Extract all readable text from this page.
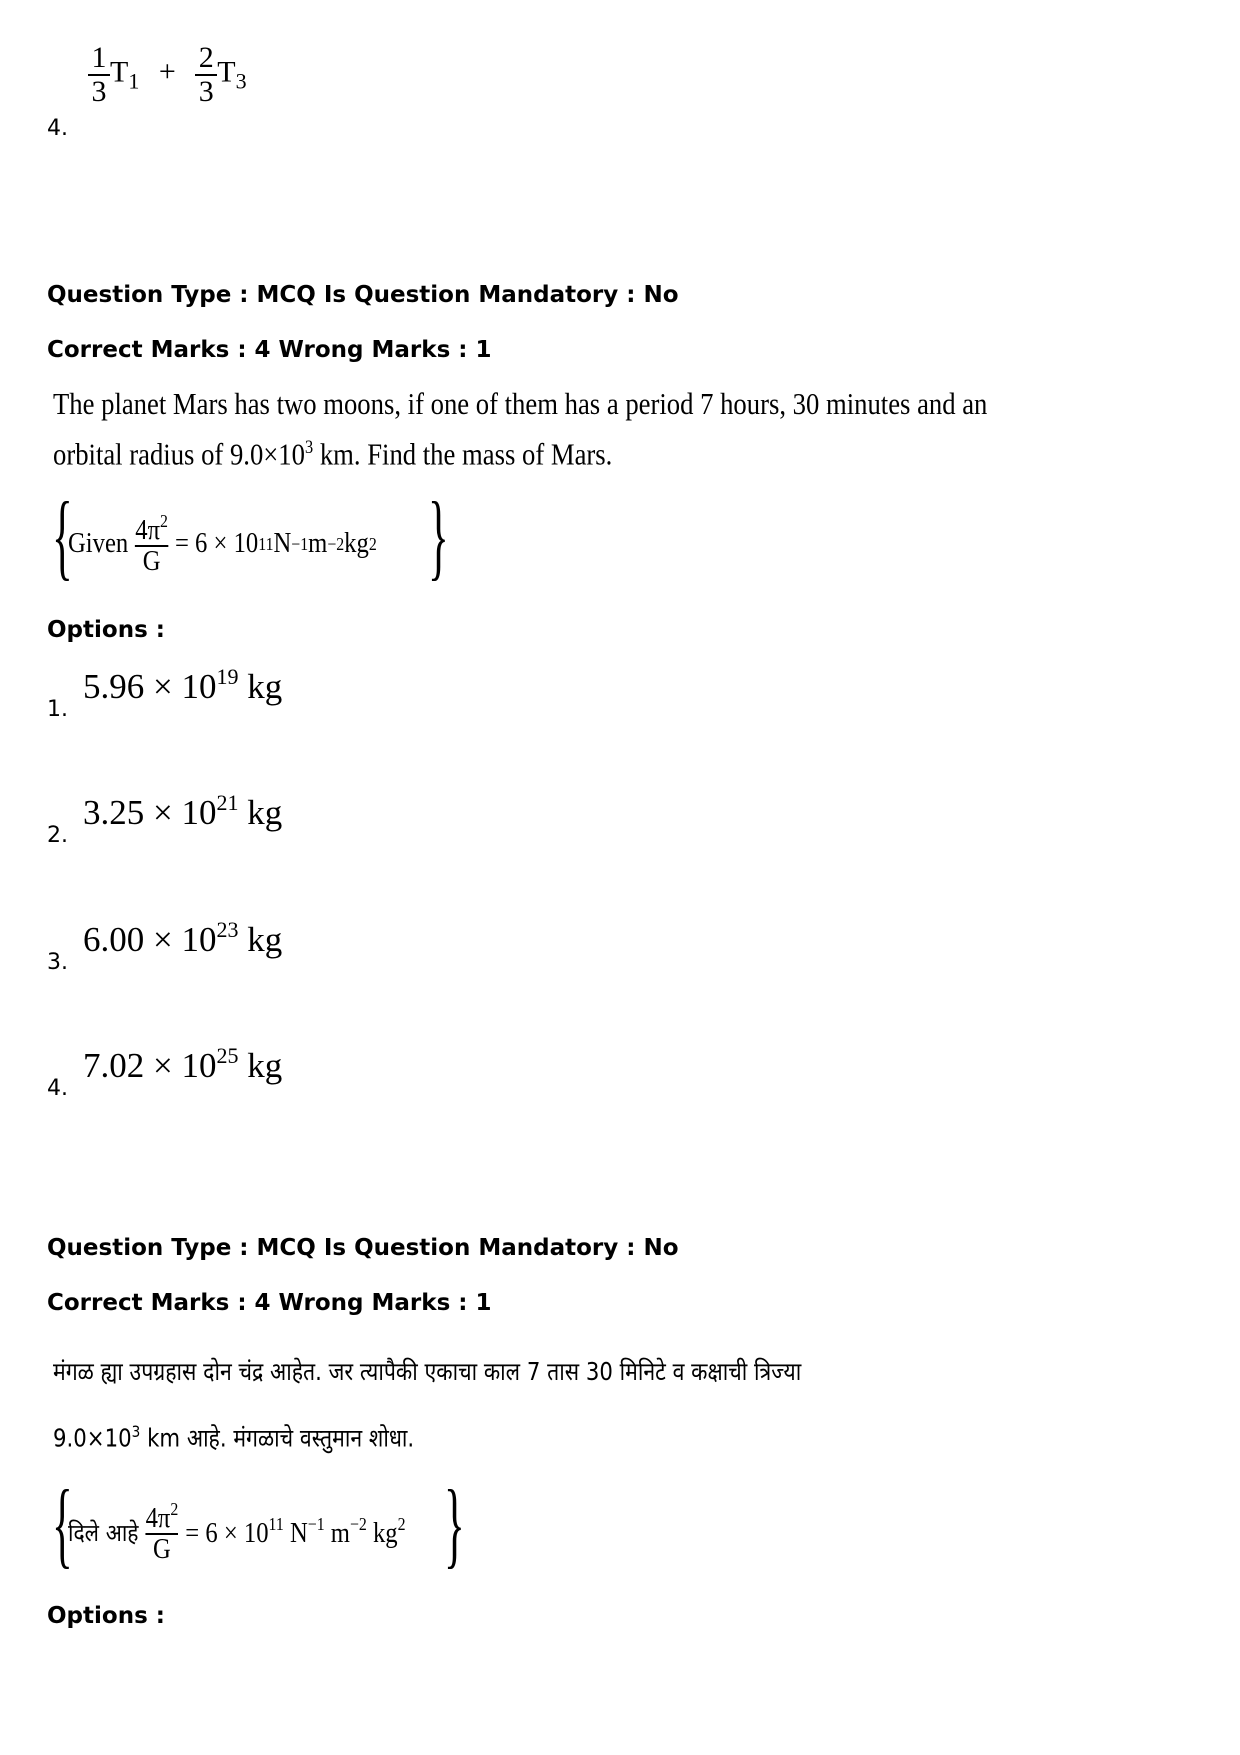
4.
$\frac{1}{3} T_1 + \frac{2}{3} T_3$
Question Type : MCQ Is Question Mandatory : No
Correct Marks : 4 Wrong Marks : 1
The planet Mars has two moons, if one of them has a period 7 hours, 30 minutes and an
orbital radius of $9.0\times 10^3$ km. Find the mass of Mars.
{
Given $\frac{4\pi^2}{G} = 6 \times 10$ 11 N −1 m −2 kg 2 }
Options :
1.
$5.96 \times 10^{19}$ kg
2.
$3.25 \times 10^{21}$ kg
3.
$6.00 \times 10^{23}$ kg
4.
$7.02 \times 10^{25}$ kg
Question Type : MCQ Is Question Mandatory : No
Correct Marks : 4 Wrong Marks : 1
मंगळ ह्या उपग्रहास दोन चंद्र आहेत. जर त्यापैकी एकाचा काल 7 तास 30 मिनिटे व कक्षाची त्रिज्या
$9.0\times 10^3$ km आहे. मंगळाचे वस्तुमान शोधा.
{
दिले आहे $\frac{4\pi^2}{G} = 6 \times 10^{11}$ $N^{-1}$ $m^{-2}$ $kg^2$ }
Options :
